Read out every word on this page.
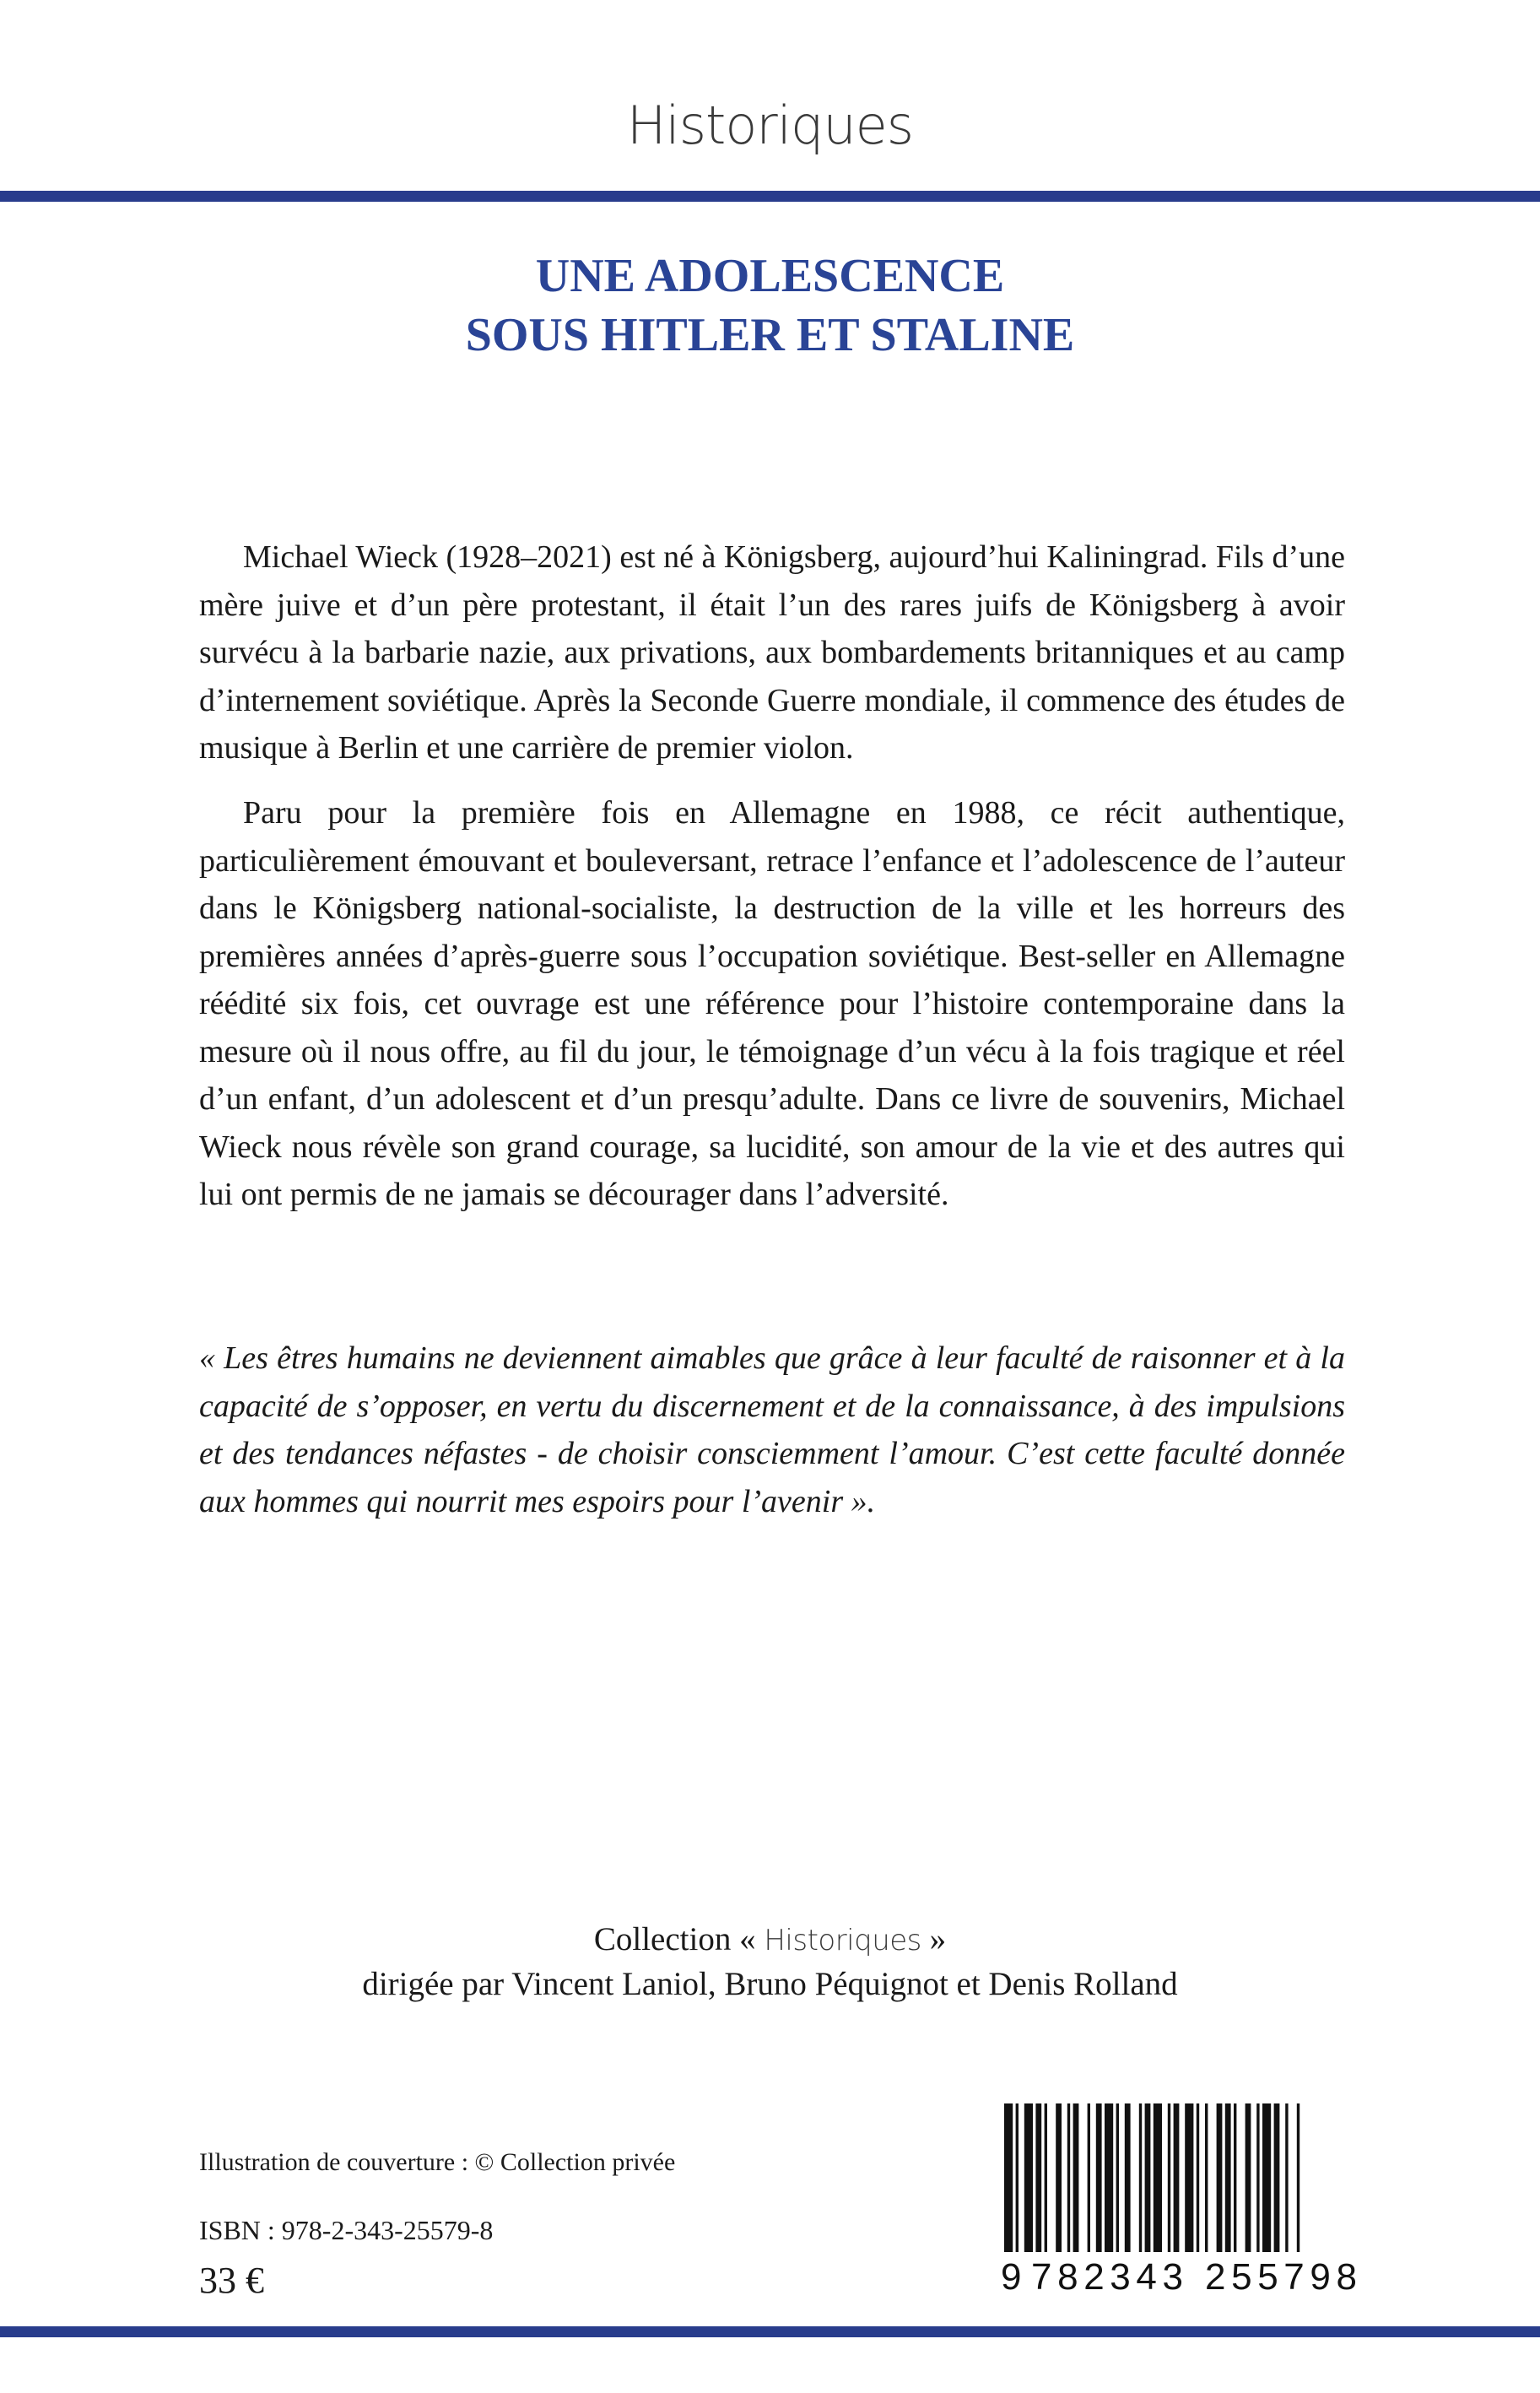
Historiques
UNE ADOLESCENCE
SOUS HITLER ET STALINE

Michael Wieck (1928–2021) est né à Königsberg, aujourd’hui Kaliningrad. Fils d’une mère juive et d’un père protestant, il était l’un des rares juifs de Königsberg à avoir survécu à la barbarie nazie, aux privations, aux bombardements britanniques et au camp d’internement soviétique. Après la Seconde Guerre mondiale, il commence des études de musique à Berlin et une carrière de premier violon.

Paru pour la première fois en Allemagne en 1988, ce récit authentique, particulièrement émouvant et bouleversant, retrace l’enfance et l’adolescence de l’auteur dans le Königsberg national-socialiste, la destruction de la ville et les horreurs des premières années d’après-guerre sous l’occupation soviétique. Best-seller en Allemagne réédité six fois, cet ouvrage est une référence pour l’histoire contemporaine dans la mesure où il nous offre, au fil du jour, le témoignage d’un vécu à la fois tragique et réel d’un enfant, d’un adolescent et d’un presqu’adulte. Dans ce livre de souvenirs, Michael Wieck nous révèle son grand courage, sa lucidité, son amour de la vie et des autres qui lui ont permis de ne jamais se décourager dans l’adversité.

« Les êtres humains ne deviennent aimables que grâce à leur faculté de raisonner et à la capacité de s’opposer, en vertu du discernement et de la connaissance, à des impulsions et des tendances néfastes - de choisir consciemment l’amour. C’est cette faculté donnée aux hommes qui nourrit mes espoirs pour l’avenir ».
Collection « Historiques »
dirigée par Vincent Laniol, Bruno Péquignot et Denis Rolland
Illustration de couverture : © Collection privée
ISBN : 978-2-343-25579-8
33 €	9 782343 255798
